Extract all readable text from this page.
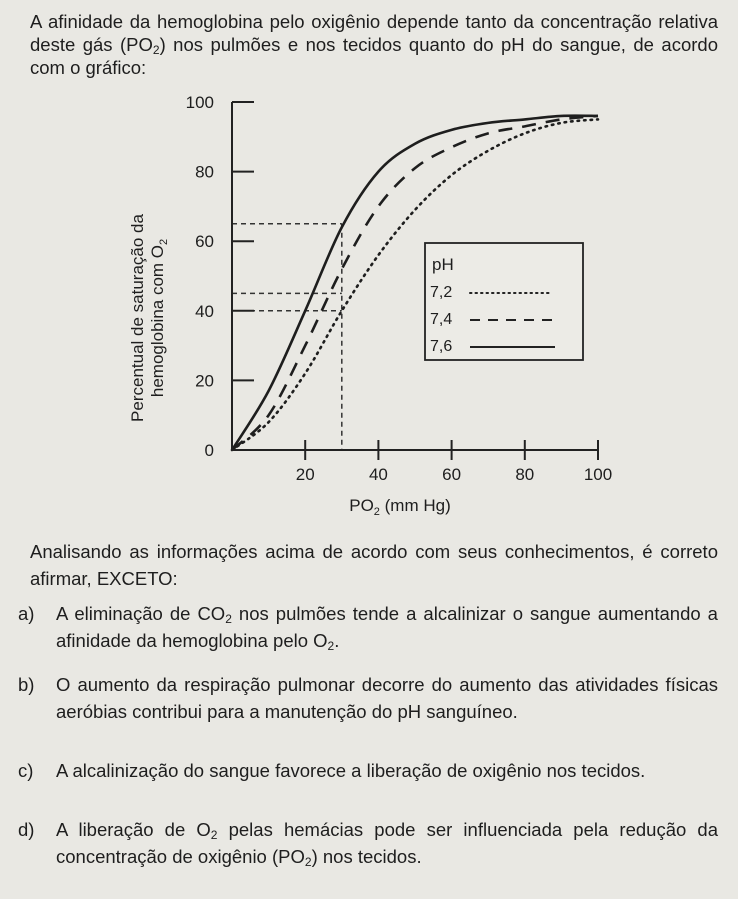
A afinidade da hemoglobina pelo oxigênio depende tanto da concentração relativa deste gás $(PO_2)$ nos pulmões e nos tecidos quanto do pH do sangue, de acordo com o gráfico:
0
20
40
60
80
100
20	40	60	80	100
Percentual de saturação da hemoglobina com $O_2$
$PO_2$ (mm Hg)
pH
7,2
7,4
7,6
Analisando as informações acima de acordo com seus conhecimentos, é correto afirmar, EXCETO:
a)	A eliminação de $CO_2$ nos pulmões tende a alcalinizar o sangue aumentando a afinidade da hemoglobina pelo $O_2$.
b)	O aumento da respiração pulmonar decorre do aumento das atividades físicas aeróbias contribui para a manutenção do pH sanguíneo.
c)	A alcalinização do sangue favorece a liberação de oxigênio nos tecidos.
d)	A liberação de $O_2$ pelas hemácias pode ser influenciada pela redução da concentração de oxigênio $(PO_2)$ nos tecidos.
